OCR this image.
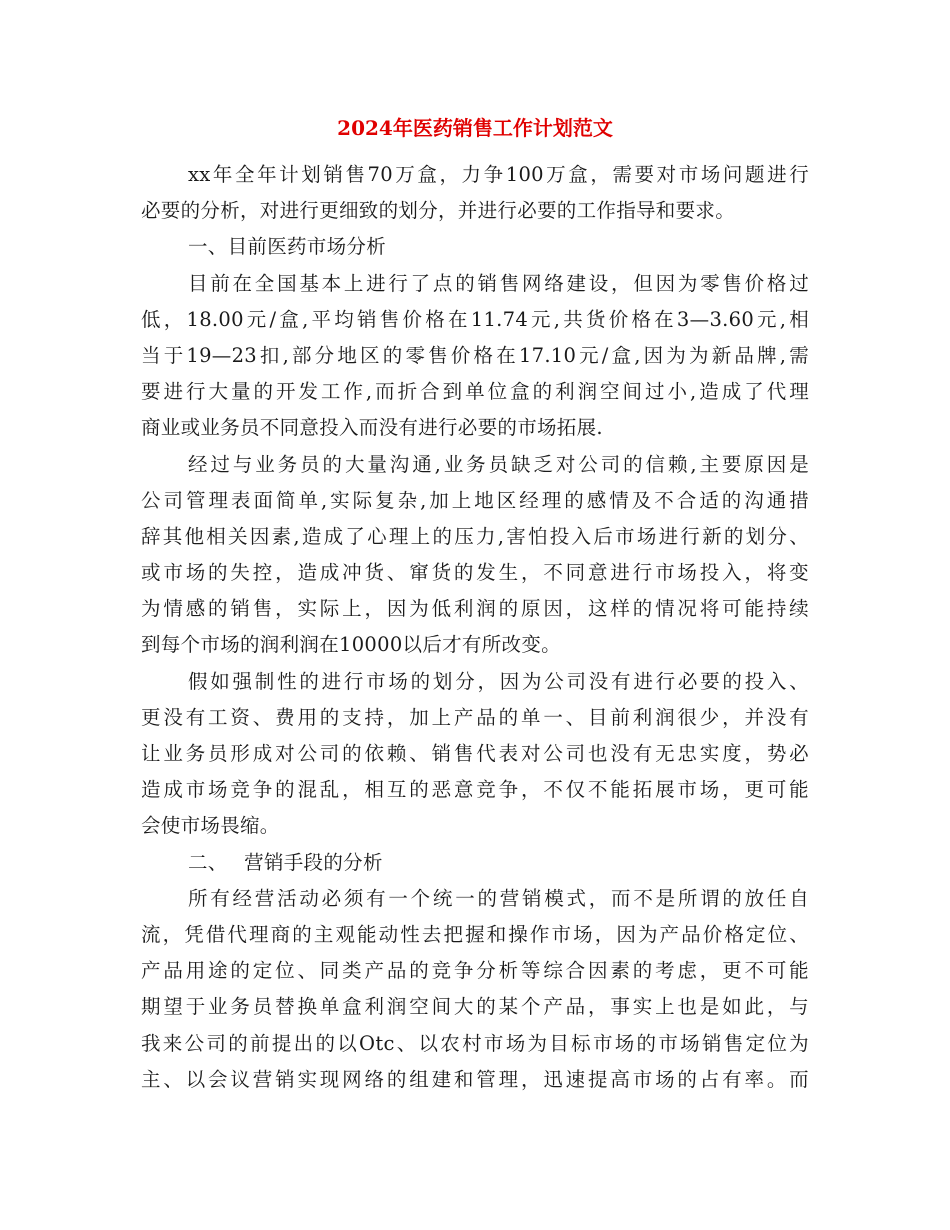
2024年医药销售工作计划范文
xx年全年计划销售70万盒，力争100万盒，需要对市场问题进行
必要的分析，对进行更细致的划分，并进行必要的工作指导和要求。
一、目前医药市场分析
目前在全国基本上进行了点的销售网络建设，但因为零售价格过
低，18.00元/盒,平均销售价格在11.74元,共货价格在3—3.60元,相
当于19—23扣,部分地区的零售价格在17.10元/盒,因为为新品牌,需
要进行大量的开发工作,而折合到单位盒的利润空间过小,造成了代理
商业或业务员不同意投入而没有进行必要的市场拓展.
经过与业务员的大量沟通,业务员缺乏对公司的信赖,主要原因是
公司管理表面简单,实际复杂,加上地区经理的感情及不合适的沟通措
辞其他相关因素,造成了心理上的压力,害怕投入后市场进行新的划分、
或市场的失控，造成冲货、窜货的发生，不同意进行市场投入，将变
为情感的销售，实际上，因为低利润的原因，这样的情况将可能持续
到每个市场的润利润在10000以后才有所改变。
假如强制性的进行市场的划分，因为公司没有进行必要的投入、
更没有工资、费用的支持，加上产品的单一、目前利润很少，并没有
让业务员形成对公司的依赖、销售代表对公司也没有无忠实度，势必
造成市场竞争的混乱，相互的恶意竞争，不仅不能拓展市场，更可能
会使市场畏缩。
二、　 营销手段的分析
所有经营活动必须有一个统一的营销模式，而不是所谓的放任自
流，凭借代理商的主观能动性去把握和操作市场，因为产品价格定位、
产品用途的定位、同类产品的竞争分析等综合因素的考虑，更不可能
期望于业务员替换单盒利润空间大的某个产品，事实上也是如此，与
我来公司的前提出的以Otc、以农村市场为目标市场的市场销售定位为
主、以会议营销实现网络的组建和管理，迅速提高市场的占有率。而
